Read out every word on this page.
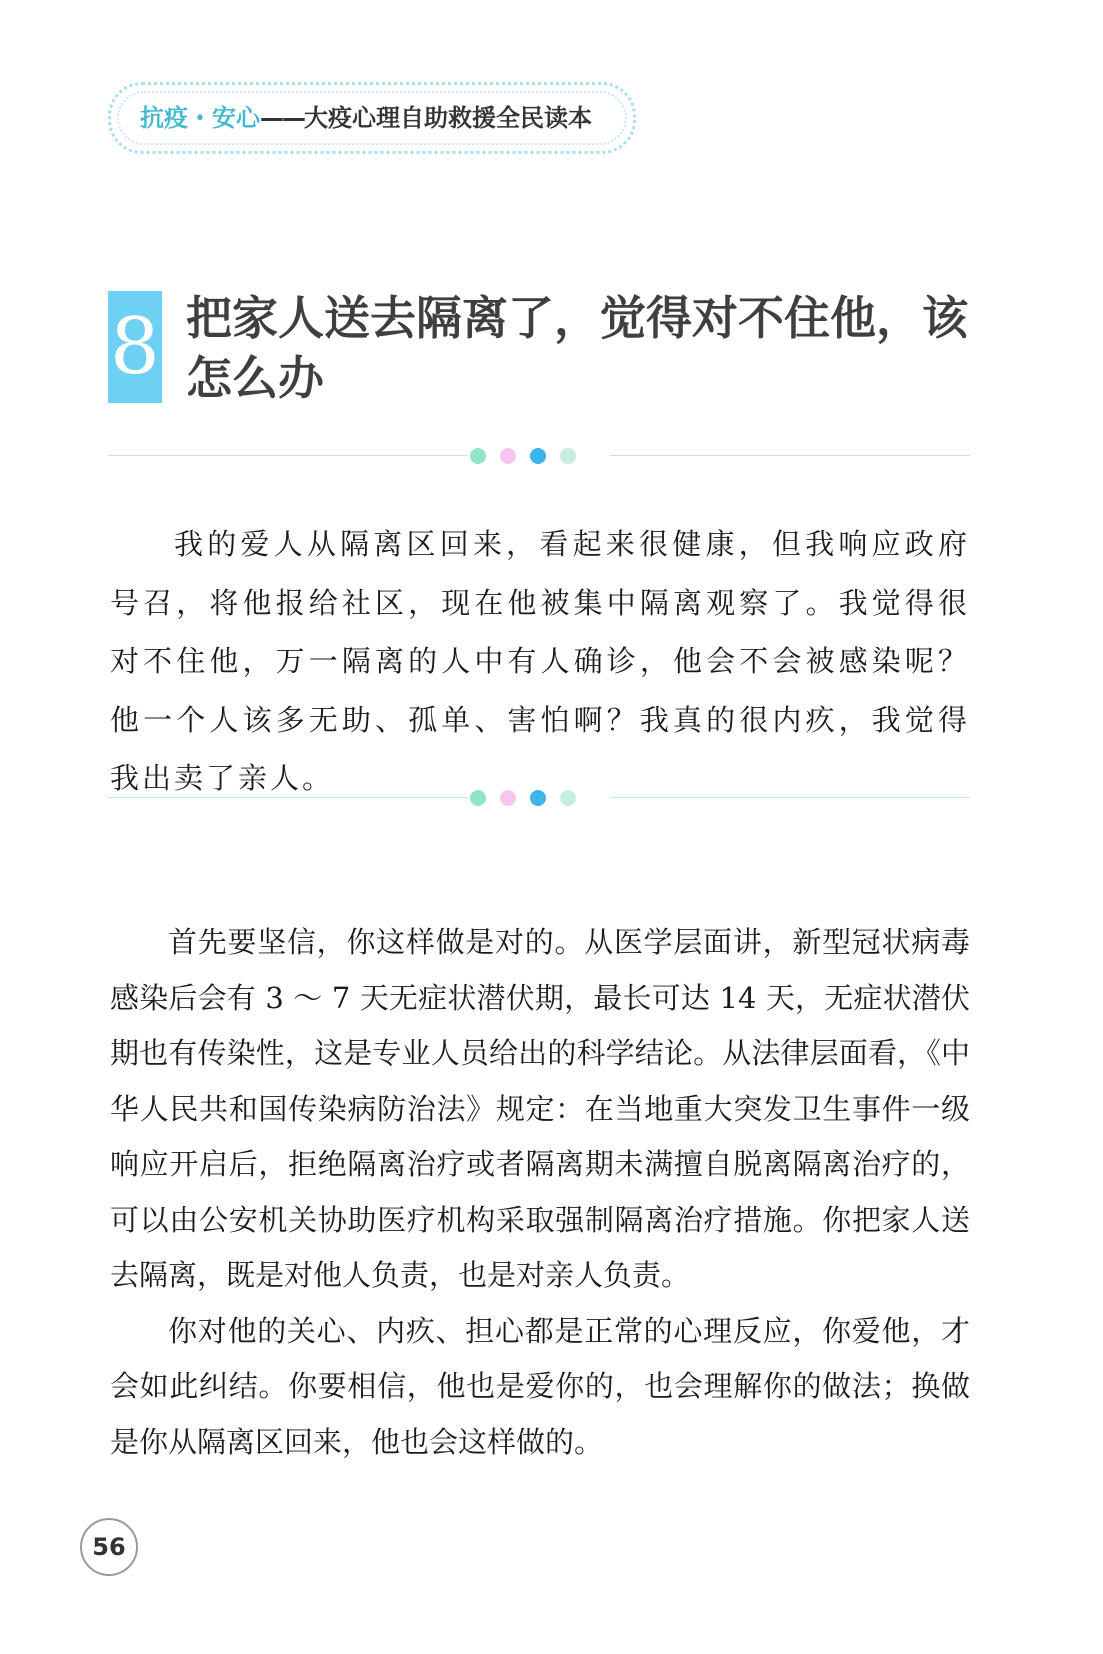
抗疫・安心——大疫心理自助救援全民读本
8 把家人送去隔离了，觉得对不住他，该怎么办

我的爱人从隔离区回来，看起来很健康，但我响应政府号召，将他报给社区，现在他被集中隔离观察了。我觉得很对不住他，万一隔离的人中有人确诊，他会不会被感染呢？他一个人该多无助、孤单、害怕啊？我真的很内疚，我觉得我出卖了亲人。

首先要坚信，你这样做是对的。从医学层面讲，新型冠状病毒感染后会有 3 ～ 7 天无症状潜伏期，最长可达 14 天，无症状潜伏期也有传染性，这是专业人员给出的科学结论。从法律层面看，《中华人民共和国传染病防治法》规定：在当地重大突发卫生事件一级响应开启后，拒绝隔离治疗或者隔离期未满擅自脱离隔离治疗的，可以由公安机关协助医疗机构采取强制隔离治疗措施。你把家人送去隔离，既是对他人负责，也是对亲人负责。

你对他的关心、内疚、担心都是正常的心理反应，你爱他，才会如此纠结。你要相信，他也是爱你的，也会理解你的做法；换做是你从隔离区回来，他也会这样做的。

56
